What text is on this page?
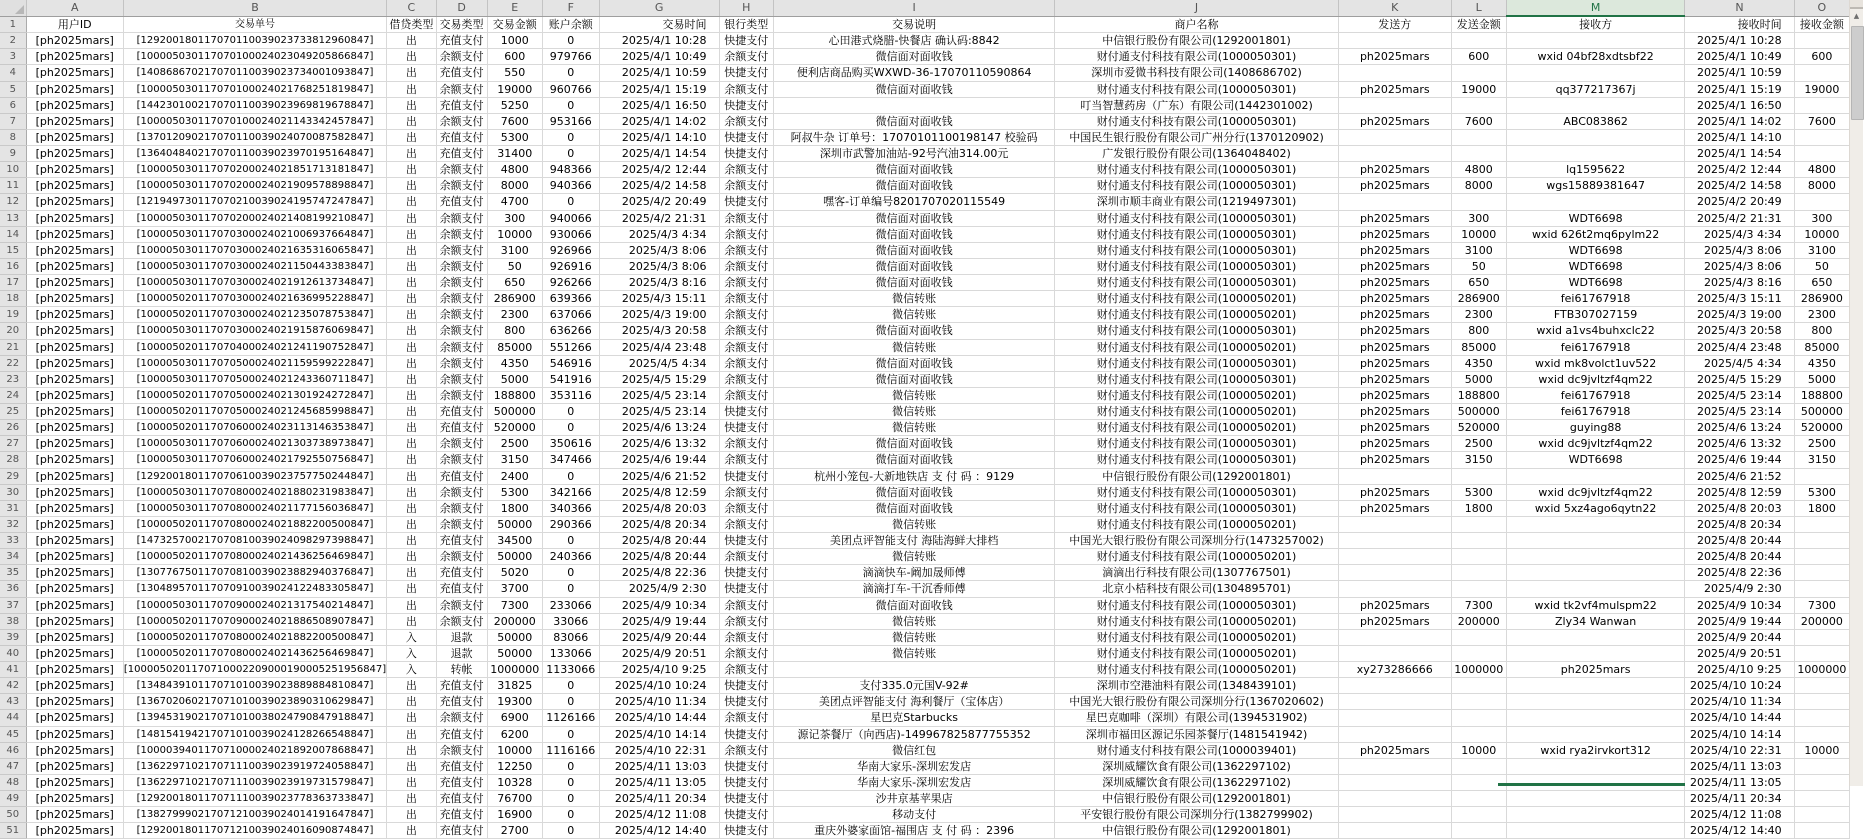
	A	B	C	D	E	F	G	H	I	J	K	L	M	N	O
1	用户ID	交易单号	借贷类型	交易类型	交易金额	账户余额	交易时间	银行类型	交易说明	商户名称	发送方	发送金额	接收方	接收时间	接收金额
2	[ph2025mars]	[129200180117070110039023733812960847]	出	充值支付	1000	0	2025/4/1 10:28	快捷支付	心田港式烧腊-快餐店 确认码:8842	中信银行股份有限公司(1292001801)				2025/4/1 10:28	
3	[ph2025mars]	[100005030117070100024023049205866847]	出	余额支付	600	979766	2025/4/1 10:49	余额支付	微信面对面收钱	财付通支付科技有限公司(1000050301)	ph2025mars	600	wxid 04bf28xdtsbf22	2025/4/1 10:49	600
4	[ph2025mars]	[140868670217070110039023734001093847]	出	充值支付	550	0	2025/4/1 10:59	快捷支付	便利店商品购买WXWD-36-17070110590864	深圳市爱微书科技有限公司(1408686702)				2025/4/1 10:59	
5	[ph2025mars]	[100005030117070100024021768251819847]	出	余额支付	19000	960766	2025/4/1 15:19	余额支付	微信面对面收钱	财付通支付科技有限公司(1000050301)	ph2025mars	19000	qq377217367j	2025/4/1 15:19	19000
6	[ph2025mars]	[144230100217070110039023969819678847]	出	充值支付	5250	0	2025/4/1 16:50	快捷支付		叮当智慧药房（广东）有限公司(1442301002)				2025/4/1 16:50	
7	[ph2025mars]	[100005030117070100024021143342457847]	出	余额支付	7600	953166	2025/4/1 14:02	余额支付	微信面对面收钱	财付通支付科技有限公司(1000050301)	ph2025mars	7600	ABC083862	2025/4/1 14:02	7600
8	[ph2025mars]	[137012090217070110039024070087582847]	出	充值支付	5300	0	2025/4/1 14:10	快捷支付	阿叔牛杂 订单号：17070101100198147 校验码	中国民生银行股份有限公司广州分行(1370120902)				2025/4/1 14:10	
9	[ph2025mars]	[136404840217070110039023970195164847]	出	充值支付	31400	0	2025/4/1 14:54	快捷支付	深圳市武警加油站-92号汽油314.00元	广发银行股份有限公司(1364048402)				2025/4/1 14:54	
10	[ph2025mars]	[100005030117070200024021851713181847]	出	余额支付	4800	948366	2025/4/2 12:44	余额支付	微信面对面收钱	财付通支付科技有限公司(1000050301)	ph2025mars	4800	lq1595622	2025/4/2 12:44	4800
11	[ph2025mars]	[100005030117070200024021909578898847]	出	余额支付	8000	940366	2025/4/2 14:58	余额支付	微信面对面收钱	财付通支付科技有限公司(1000050301)	ph2025mars	8000	wgs15889381647	2025/4/2 14:58	8000
12	[ph2025mars]	[121949730117070210039024195747247847]	出	充值支付	4700	0	2025/4/2 20:49	快捷支付	嘿客-订单编号8201707020115549	深圳市顺丰商业有限公司(1219497301)				2025/4/2 20:49	
13	[ph2025mars]	[100005030117070200024021408199210847]	出	余额支付	300	940066	2025/4/2 21:31	余额支付	微信面对面收钱	财付通支付科技有限公司(1000050301)	ph2025mars	300	WDT6698	2025/4/2 21:31	300
14	[ph2025mars]	[100005030117070300024021006937664847]	出	余额支付	10000	930066	2025/4/3 4:34	余额支付	微信面对面收钱	财付通支付科技有限公司(1000050301)	ph2025mars	10000	wxid 626t2mq6pylm22	2025/4/3 4:34	10000
15	[ph2025mars]	[100005030117070300024021635316065847]	出	余额支付	3100	926966	2025/4/3 8:06	余额支付	微信面对面收钱	财付通支付科技有限公司(1000050301)	ph2025mars	3100	WDT6698	2025/4/3 8:06	3100
16	[ph2025mars]	[100005030117070300024021150443383847]	出	余额支付	50	926916	2025/4/3 8:06	余额支付	微信面对面收钱	财付通支付科技有限公司(1000050301)	ph2025mars	50	WDT6698	2025/4/3 8:06	50
17	[ph2025mars]	[100005030117070300024021912613734847]	出	余额支付	650	926266	2025/4/3 8:16	余额支付	微信面对面收钱	财付通支付科技有限公司(1000050301)	ph2025mars	650	WDT6698	2025/4/3 8:16	650
18	[ph2025mars]	[100005020117070300024021636995228847]	出	余额支付	286900	639366	2025/4/3 15:11	余额支付	微信转账	财付通支付科技有限公司(1000050201)	ph2025mars	286900	fei61767918	2025/4/3 15:11	286900
19	[ph2025mars]	[100005020117070300024021235078753847]	出	余额支付	2300	637066	2025/4/3 19:00	余额支付	微信转账	财付通支付科技有限公司(1000050201)	ph2025mars	2300	FTB307027159	2025/4/3 19:00	2300
20	[ph2025mars]	[100005030117070300024021915876069847]	出	余额支付	800	636266	2025/4/3 20:58	余额支付	微信面对面收钱	财付通支付科技有限公司(1000050301)	ph2025mars	800	wxid a1vs4buhxclc22	2025/4/3 20:58	800
21	[ph2025mars]	[100005020117070400024021241190752847]	出	余额支付	85000	551266	2025/4/4 23:48	余额支付	微信转账	财付通支付科技有限公司(1000050201)	ph2025mars	85000	fei61767918	2025/4/4 23:48	85000
22	[ph2025mars]	[100005030117070500024021159599222847]	出	余额支付	4350	546916	2025/4/5 4:34	余额支付	微信面对面收钱	财付通支付科技有限公司(1000050301)	ph2025mars	4350	wxid mk8volct1uv522	2025/4/5 4:34	4350
23	[ph2025mars]	[100005030117070500024021243360711847]	出	余额支付	5000	541916	2025/4/5 15:29	余额支付	微信面对面收钱	财付通支付科技有限公司(1000050301)	ph2025mars	5000	wxid dc9jvltzf4qm22	2025/4/5 15:29	5000
24	[ph2025mars]	[100005020117070500024021301924272847]	出	余额支付	188800	353116	2025/4/5 23:14	余额支付	微信转账	财付通支付科技有限公司(1000050201)	ph2025mars	188800	fei61767918	2025/4/5 23:14	188800
25	[ph2025mars]	[100005020117070500024021245685998847]	出	充值支付	500000	0	2025/4/5 23:14	快捷支付	微信转账	财付通支付科技有限公司(1000050201)	ph2025mars	500000	fei61767918	2025/4/5 23:14	500000
26	[ph2025mars]	[100005020117070600024023113146353847]	出	充值支付	520000	0	2025/4/6 13:24	快捷支付	微信转账	财付通支付科技有限公司(1000050201)	ph2025mars	520000	guying88	2025/4/6 13:24	520000
27	[ph2025mars]	[100005030117070600024021303738973847]	出	余额支付	2500	350616	2025/4/6 13:32	余额支付	微信面对面收钱	财付通支付科技有限公司(1000050301)	ph2025mars	2500	wxid dc9jvltzf4qm22	2025/4/6 13:32	2500
28	[ph2025mars]	[100005030117070600024021792550756847]	出	余额支付	3150	347466	2025/4/6 19:44	余额支付	微信面对面收钱	财付通支付科技有限公司(1000050301)	ph2025mars	3150	WDT6698	2025/4/6 19:44	3150
29	[ph2025mars]	[129200180117070610039023757750244847]	出	充值支付	2400	0	2025/4/6 21:52	快捷支付	杭州小笼包-大新地铁店 支 付 码 ：9129	中信银行股份有限公司(1292001801)				2025/4/6 21:52	
30	[ph2025mars]	[100005030117070800024021880231983847]	出	余额支付	5300	342166	2025/4/8 12:59	余额支付	微信面对面收钱	财付通支付科技有限公司(1000050301)	ph2025mars	5300	wxid dc9jvltzf4qm22	2025/4/8 12:59	5300
31	[ph2025mars]	[100005030117070800024021177156036847]	出	余额支付	1800	340366	2025/4/8 20:03	余额支付	微信面对面收钱	财付通支付科技有限公司(1000050301)	ph2025mars	1800	wxid 5xz4ago6qytn22	2025/4/8 20:03	1800
32	[ph2025mars]	[100005020117070800024021882200500847]	出	余额支付	50000	290366	2025/4/8 20:34	余额支付	微信转账	财付通支付科技有限公司(1000050201)				2025/4/8 20:34	
33	[ph2025mars]	[147325700217070810039024098297398847]	出	充值支付	34500	0	2025/4/8 20:44	快捷支付	美团点评智能支付 海陆海鲜大排档	中国光大银行股份有限公司深圳分行(1473257002)				2025/4/8 20:44	
34	[ph2025mars]	[100005020117070800024021436256469847]	出	余额支付	50000	240366	2025/4/8 20:44	余额支付	微信转账	财付通支付科技有限公司(1000050201)				2025/4/8 20:44	
35	[ph2025mars]	[130776750117070810039023882940376847]	出	充值支付	5020	0	2025/4/8 22:36	快捷支付	滴滴快车-阚加晟师傅	滴滴出行科技有限公司(1307767501)				2025/4/8 22:36	
36	[ph2025mars]	[130489570117070910039024122483305847]	出	充值支付	3700	0	2025/4/9 2:30	快捷支付	滴滴打车-干沉香师傅	北京小桔科技有限公司(1304895701)				2025/4/9 2:30	
37	[ph2025mars]	[100005030117070900024021317540214847]	出	余额支付	7300	233066	2025/4/9 10:34	余额支付	微信面对面收钱	财付通支付科技有限公司(1000050301)	ph2025mars	7300	wxid tk2vf4mulspm22	2025/4/9 10:34	7300
38	[ph2025mars]	[100005020117070900024021886508907847]	出	余额支付	200000	33066	2025/4/9 19:44	余额支付	微信转账	财付通支付科技有限公司(1000050201)	ph2025mars	200000	Zly34 Wanwan	2025/4/9 19:44	200000
39	[ph2025mars]	[100005020117070800024021882200500847]	入	退款	50000	83066	2025/4/9 20:44	余额支付	微信转账	财付通支付科技有限公司(1000050201)				2025/4/9 20:44	
40	[ph2025mars]	[100005020117070800024021436256469847]	入	退款	50000	133066	2025/4/9 20:51	余额支付	微信转账	财付通支付科技有限公司(1000050201)				2025/4/9 20:51	
41	[ph2025mars]	[1000050201170710002209000190005251956847]	入	转帐	1000000	1133066	2025/4/10 9:25	余额支付		财付通支付科技有限公司(1000050201)	xy273286666	1000000	ph2025mars	2025/4/10 9:25	1000000
42	[ph2025mars]	[134843910117071010039023889884810847]	出	充值支付	31825	0	2025/4/10 10:24	快捷支付	支付335.0元国V-92#	深圳市空港油料有限公司(1348439101)				2025/4/10 10:24	
43	[ph2025mars]	[136702060217071010039023890310629847]	出	充值支付	19300	0	2025/4/10 11:34	快捷支付	美团点评智能支付 海利餐厅（宝体店）	中国光大银行股份有限公司深圳分行(1367020602)				2025/4/10 11:34	
44	[ph2025mars]	[139453190217071010038024790847918847]	出	余额支付	6900	1126166	2025/4/10 14:44	余额支付	星巴克Starbucks	星巴克咖啡（深圳）有限公司(1394531902)				2025/4/10 14:44	
45	[ph2025mars]	[148154194217071010039024128266548847]	出	充值支付	6200	0	2025/4/10 14:14	快捷支付	源记茶餐厅（向西店)-149967825877755352	深圳市福田区源记乐园茶餐厅(1481541942)				2025/4/10 14:14	
46	[ph2025mars]	[100003940117071000024021892007868847]	出	余额支付	10000	1116166	2025/4/10 22:31	余额支付	微信红包	财付通支付科技有限公司(1000039401)	ph2025mars	10000	wxid rya2irvkort312	2025/4/10 22:31	10000
47	[ph2025mars]	[136229710217071110039023919724058847]	出	充值支付	12250	0	2025/4/11 13:03	快捷支付	华南大家乐-深圳宏发店	深圳威耀饮食有限公司(1362297102)				2025/4/11 13:03	
48	[ph2025mars]	[136229710217071110039023919731579847]	出	充值支付	10328	0	2025/4/11 13:05	快捷支付	华南大家乐-深圳宏发店	深圳威耀饮食有限公司(1362297102)				2025/4/11 13:05	
49	[ph2025mars]	[129200180117071110039023778363733847]	出	充值支付	76700	0	2025/4/11 20:34	快捷支付	沙井京基苹果店	中信银行股份有限公司(1292001801)				2025/4/11 20:34	
50	[ph2025mars]	[138279990217071210039024014191647847]	出	充值支付	16900	0	2025/4/12 11:08	快捷支付	移动支付	平安银行股份有限公司深圳分行(1382799902)				2025/4/12 11:08	
51	[ph2025mars]	[129200180117071210039024016090874847]	出	充值支付	2700	0	2025/4/12 14:40	快捷支付	重庆外婆家面馆-福围店 支 付 码 ：2396	中信银行股份有限公司(1292001801)				2025/4/12 14:40	
▲
